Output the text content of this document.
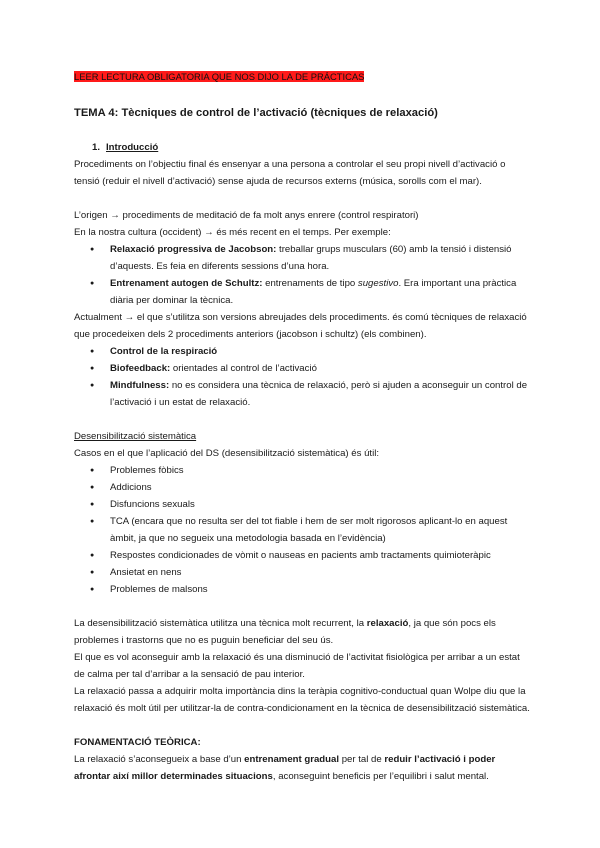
LEER LECTURA OBLIGATORIA QUE NOS DIJO LA DE PRÁCTICAS

TEMA 4: Tècniques de control de l’activació (tècniques de relaxació)

1. Introducció

Procediments on l’objectiu final és ensenyar a una persona a controlar el seu propi nivell d’activació o tensió (reduir el nivell d’activació) sense ajuda de recursos externs (música, sorolls com el mar).

L’origen → procediments de meditació de fa molt anys enrere (control respiratori)

En la nostra cultura (occident) → és més recent en el temps. Per exemple:

● Relaxació progressiva de Jacobson: treballar grups musculars (60) amb la tensió i distensió d’aquests. Es feia en diferents sessions d’una hora.
● Entrenament autogen de Schultz: entrenaments de tipo sugestivo. Era important una pràctica diària per dominar la tècnica.

Actualment → el que s’utilitza son versions abreujades dels procediments. és comú tècniques de relaxació que procedeixen dels 2 procediments anteriors (jacobson i schultz) (els combinen).

● Control de la respiració
● Biofeedback: orientades al control de l’activació
● Mindfulness: no es considera una tècnica de relaxació, però si ajuden a aconseguir un control de l’activació i un estat de relaxació.

Desensibilització sistemàtica

Casos en el que l’aplicació del DS (desensibilització sistemàtica) és útil:

● Problemes fòbics
● Addicions
● Disfuncions sexuals
● TCA (encara que no resulta ser del tot fiable i hem de ser molt rigorosos aplicant-lo en aquest àmbit, ja que no segueix una metodologia basada en l’evidència)
● Respostes condicionades de vòmit o nauseas en pacients amb tractaments quimioteràpic
● Ansietat en nens
● Problemes de malsons

La desensibilització sistemàtica utilitza una tècnica molt recurrent, la relaxació, ja que són pocs els problemes i trastorns que no es puguin beneficiar del seu ús.

El que es vol aconseguir amb la relaxació és una disminució de l’activitat fisiològica per arribar a un estat de calma per tal d’arribar a la sensació de pau interior.

La relaxació passa a adquirir molta importància dins la teràpia cognitivo-conductual quan Wolpe diu que la relaxació és molt útil per utilitzar-la de contra-condicionament en la tècnica de desensibilització sistemàtica.

FONAMENTACIÓ TEÒRICA:

La relaxació s’aconsegueix a base d’un entrenament gradual per tal de reduir l’activació i poder afrontar així millor determinades situacions, aconseguint beneficis per l’equilibri i salut mental.
